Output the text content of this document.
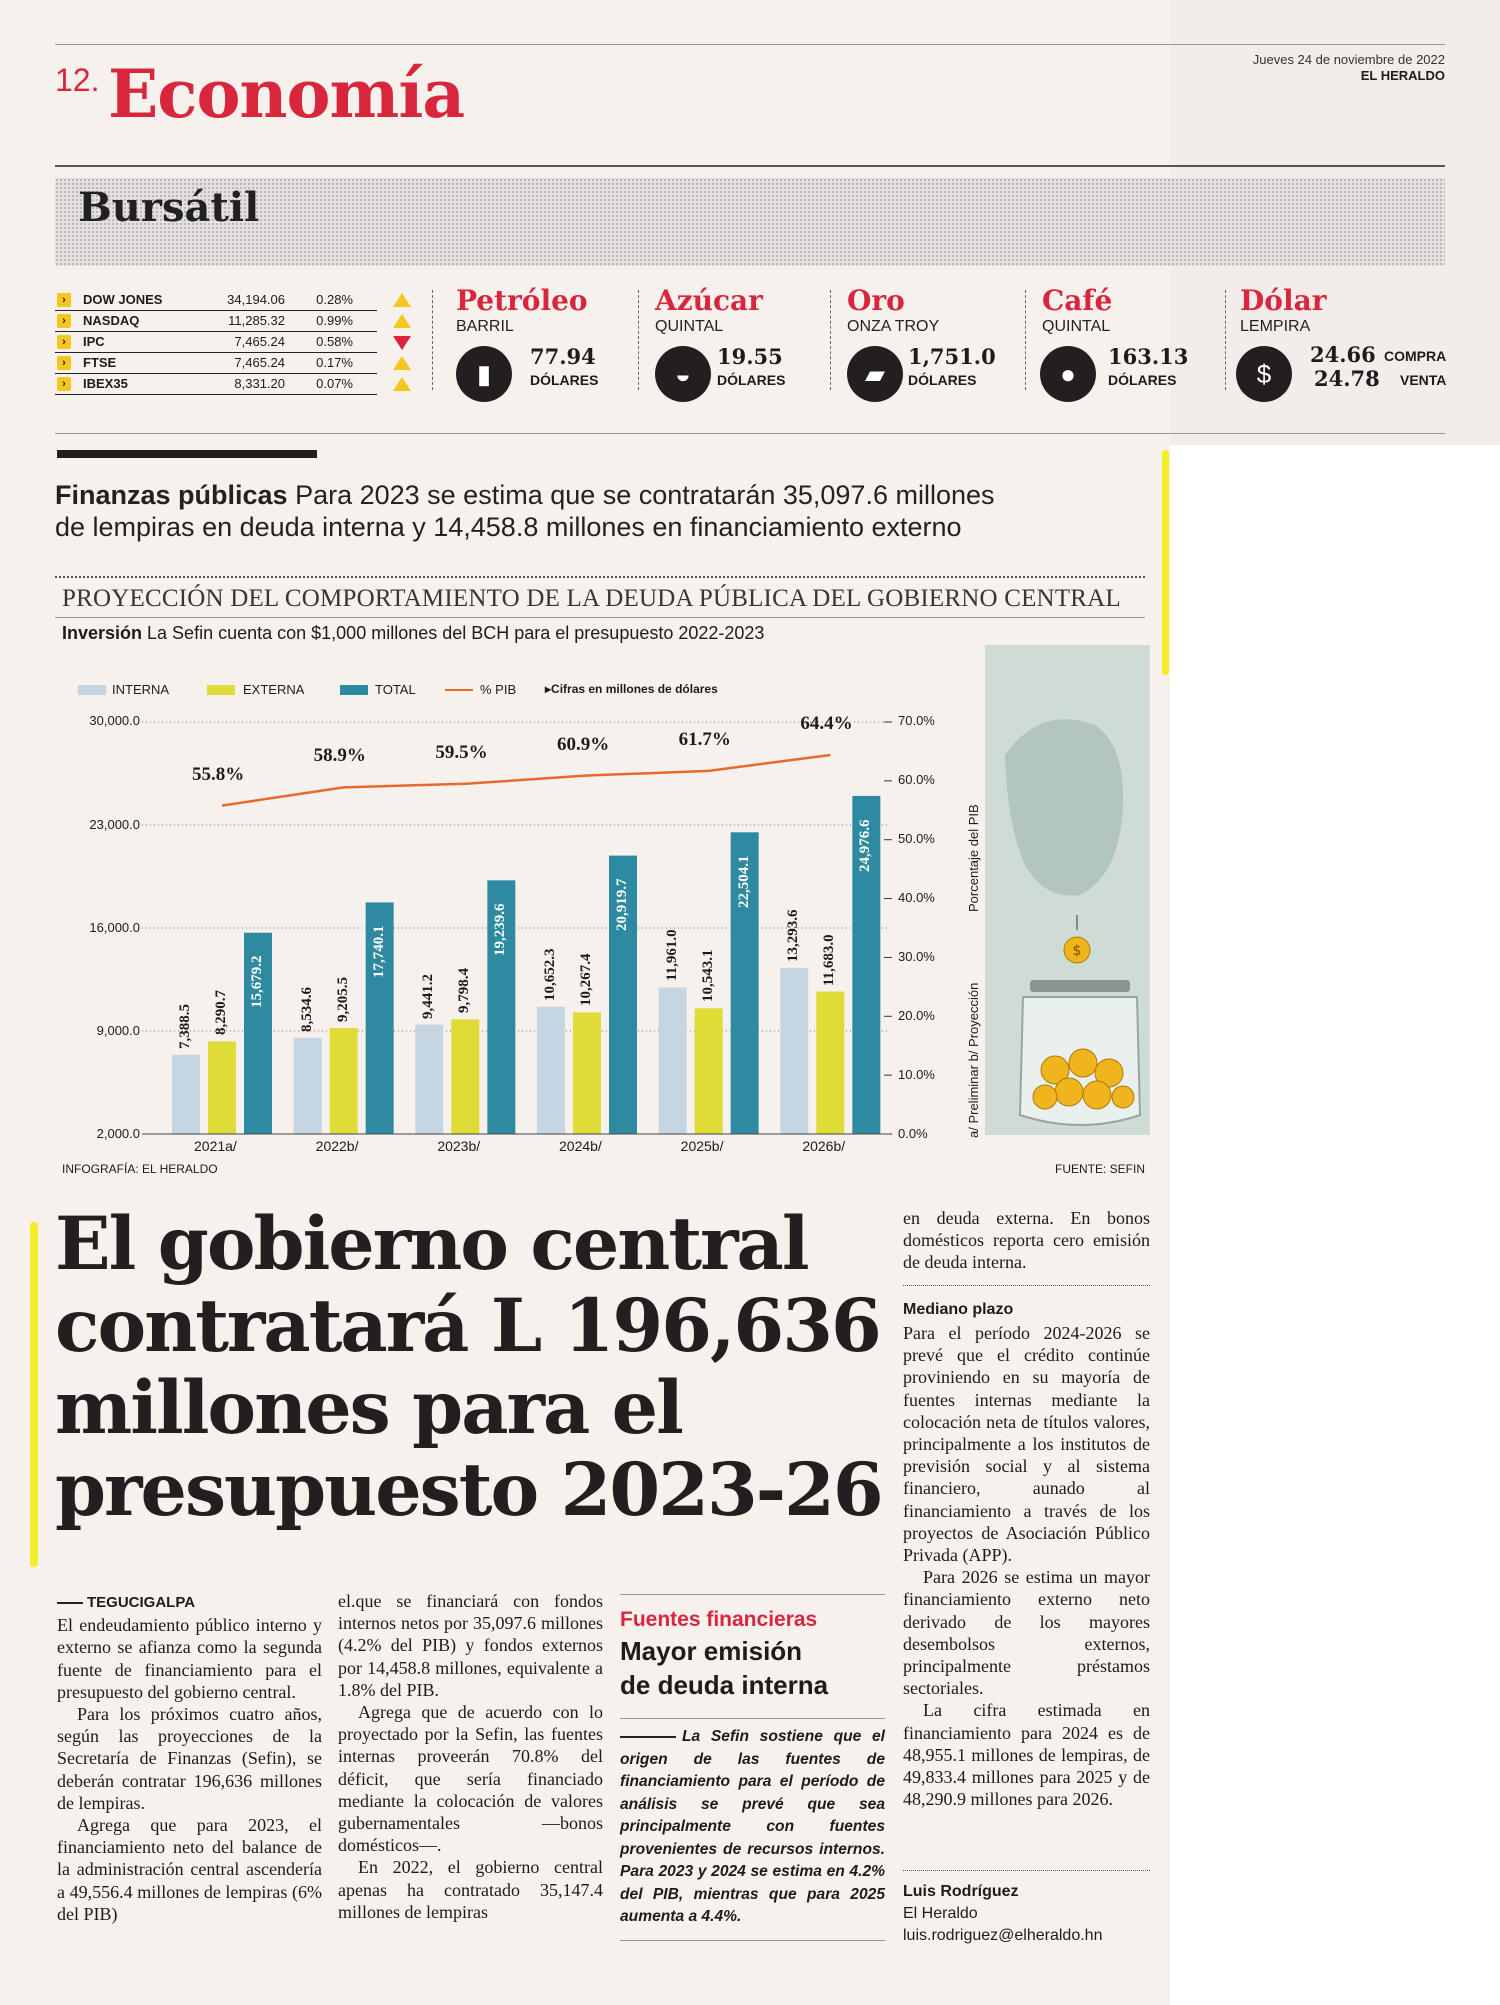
12. Economía	Jueves 24 de noviembre de 2022
EL HERALDO
Bursátil
›	DOW JONES	34,194.06	0.28%
›	NASDAQ	11,285.32	0.99%
›	IPC	7,465.24	0.58%
›	FTSE	7,465.24	0.17%
›	IBEX35	8,331.20	0.07%
Petróleo
BARRIL
▮
77.94
DÓLARES
Azúcar
QUINTAL
◒
19.55
DÓLARES
Oro
ONZA TROY
▰
1,751.0
DÓLARES
Café
QUINTAL
●
163.13
DÓLARES
Dólar
LEMPIRA
$
24.66 COMPRA
24.78 VENTA
Finanzas públicas Para 2023 se estima que se contratarán 35,097.6 millones
de lempiras en deuda interna y 14,458.8 millones en financiamiento externo
PROYECCIÓN DEL COMPORTAMIENTO DE LA DEUDA PÚBLICA DEL GOBIERNO CENTRAL
Inversión La Sefin cuenta con $1,000 millones del BCH para el presupuesto 2022-2023
INTERNA	EXTERNA	TOTAL	% PIB ▸Cifras en millones de dólares
$
30,000.0
23,000.0
16,000.0
9,000.0
2,000.0
70.0%
60.0%
50.0%
40.0%
30.0%
20.0%
10.0%
0.0%
Porcentaje del PIB
a/ Preliminar b/ Proyección
7,388.5 8,290.7
15,679.2
2021a/
8,534.6 9,205.5
17,740.1
2022b/
9,441.2 9,798.4
19,239.6
2023b/
10,652.3 10,267.4
20,919.7
2024b/
11,961.0 10,543.1
22,504.1
2025b/
13,293.6 11,683.0
24,976.6
2026b/
55.8%
58.9%	59.5%	60.9%	61.7%
64.4%
INFOGRAFÍA: EL HERALDO	FUENTE: SEFIN
El gobierno central
contratará L 196,636
millones para el
presupuesto 2023-26

TEGUCIGALPA

El endeudamiento público interno y externo se afianza como la segunda fuente de financiamiento para el presupuesto del gobierno central.

Para los próximos cuatro años, según las proyecciones de la Secretaría de Finanzas (Sefin), se deberán contratar 196,636 millones de lempiras.

Agrega que para 2023, el financiamiento neto del balance de la administración central ascendería a 49,556.4 millones de lempiras (6% del PIB)

el.que se financiará con fondos internos netos por 35,097.6 millones (4.2% del PIB) y fondos externos por 14,458.8 millones, equivalente a 1.8% del PIB.

Agrega que de acuerdo con lo proyectado por la Sefin, las fuentes internas proveerán 70.8% del déficit, que sería financiado mediante la colocación de valores gubernamentales —bonos domésticos—.

En 2022, el gobierno central apenas ha contratado 35,147.4 millones de lempiras

Fuentes financieras
Mayor emisión
de deuda interna
La Sefin sostiene que el origen de las fuentes de financiamiento para el período de análisis se prevé que sea principalmente con fuentes provenientes de recursos internos. Para 2023 y 2024 se estima en 4.2% del PIB, mientras que para 2025 aumenta a 4.4%.

en deuda externa. En bonos domésticos reporta cero emisión de deuda interna.

Mediano plazo

Para el período 2024-2026 se prevé que el crédito continúe proviniendo en su mayoría de fuentes internas mediante la colocación neta de títulos valores, principalmente a los institutos de previsión social y al sistema financiero, aunado al financiamiento a través de los proyectos de Asociación Público Privada (APP).

Para 2026 se estima un mayor financiamiento externo neto derivado de los mayores desembolsos externos, principalmente préstamos sectoriales.

La cifra estimada en financiamiento para 2024 es de 48,955.1 millones de lempiras, de 49,833.4 millones para 2025 y de 48,290.9 millones para 2026.

Luis Rodríguez
El Heraldo
luis.rodriguez@elheraldo.hn
